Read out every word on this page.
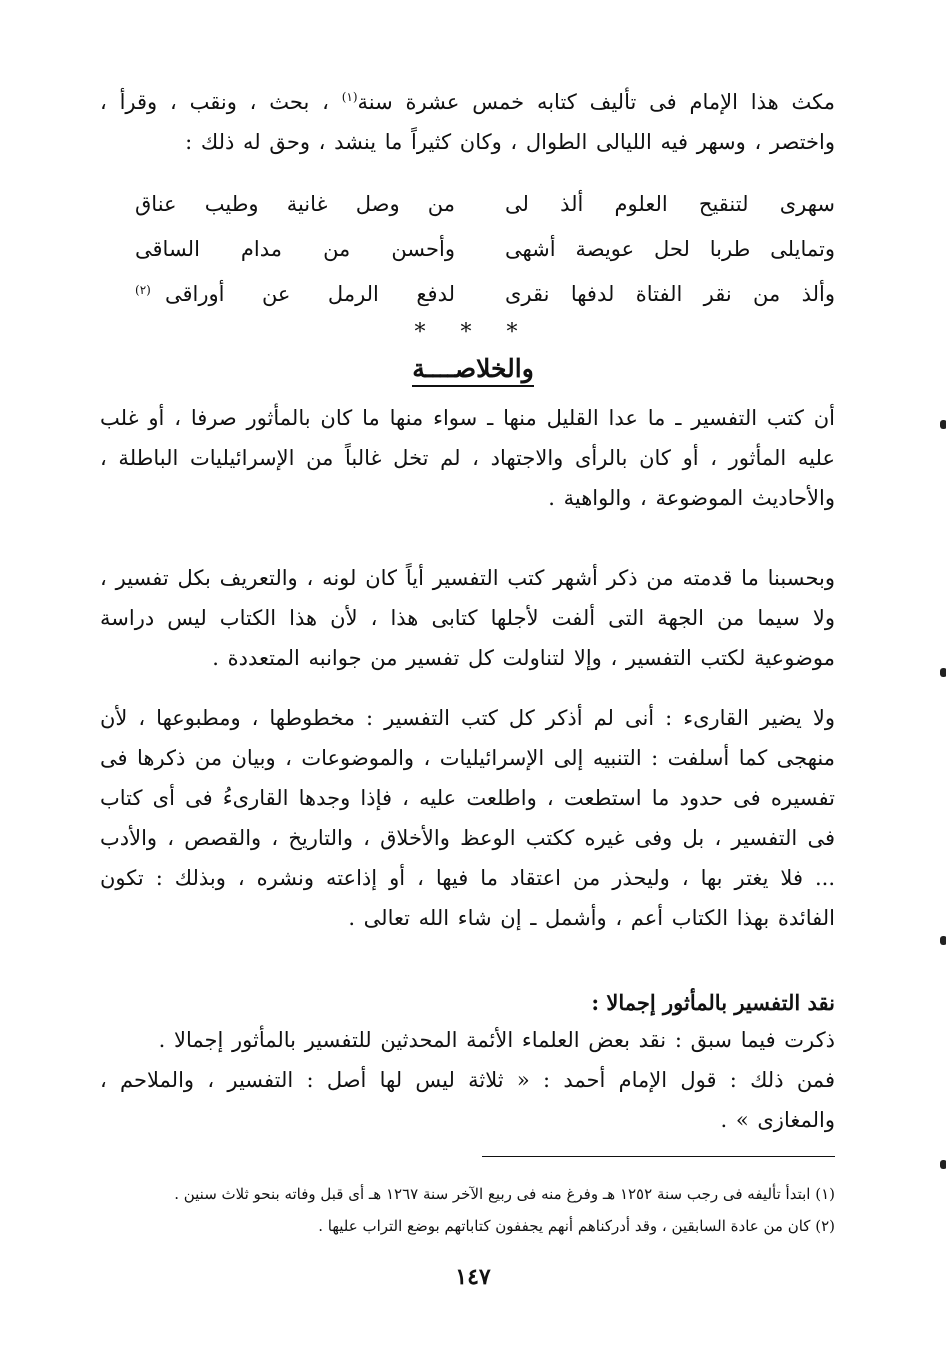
مكث هذا الإمام فى تأليف كتابه خمس عشرة سنة$^{(١)}$ ، بحث ، ونقب ، وقرأ ، واختصر ، وسهر فيه الليالى الطوال ، وكان كثيراً ما ينشد ، وحق له ذلك :
سهرى لتنقيح العلوم ألذ لى
من وصل غانية وطيب عناق
وتمايلى طربا لحل عويصة أشهى
وأحسن من مدام الساقى
وألذ من نقر الفتاة لدفها نقرى
لدفع الرمل عن أوراقى
(٢)
* * *
والخلاصــــة
أن كتب التفسير ـ ما عدا القليل منها ـ سواء منها ما كان بالمأثور صرفا ، أو غلب عليه المأثور ، أو كان بالرأى والاجتهاد ، لم تخل غالباً من الإسرائيليات الباطلة ، والأحاديث الموضوعة ، والواهية .
وبحسبنا ما قدمته من ذكر أشهر كتب التفسير أياً كان لونه ، والتعريف بكل تفسير ، ولا سيما من الجهة التى ألفت لأجلها كتابى هذا ، لأن هذا الكتاب ليس دراسة موضوعية لكتب التفسير ، وإلا لتناولت كل تفسير من جوانبه المتعددة .
ولا يضير القارىء : أنى لم أذكر كل كتب التفسير : مخطوطها ، ومطبوعها ، لأن منهجى كما أسلفت : التنبيه إلى الإسرائيليات ، والموضوعات ، وبيان من ذكرها فى تفسيره فى حدود ما استطعت ، واطلعت عليه ، فإذا وجدها القارىءُ فى أى كتاب فى التفسير ، بل وفى غيره ككتب الوعظ والأخلاق ، والتاريخ ، والقصص ، والأدب ... فلا يغتر بها ، وليحذر من اعتقاد ما فيها ، أو إذاعته ونشره ، وبذلك : تكون الفائدة بهذا الكتاب أعم ، وأشمل ـ إن شاء الله تعالى .
نقد التفسير بالمأثور إجمالا :
ذكرت فيما سبق : نقد بعض العلماء الأئمة المحدثين للتفسير بالمأثور إجمالا .
فمن ذلك : قول الإمام أحمد : « ثلاثة ليس لها أصل : التفسير ، والملاحم ، والمغازى » .
(١) ابتدأ تأليفه فى رجب سنة ١٢٥٢ هـ وفرغ منه فى ربيع الآخر سنة ١٢٦٧ هـ أى قبل وفاته بنحو ثلاث سنين .
(٢) كان من عادة السابقين ، وقد أدركناهم أنهم يجففون كتاباتهم بوضع التراب عليها .
١٤٧
